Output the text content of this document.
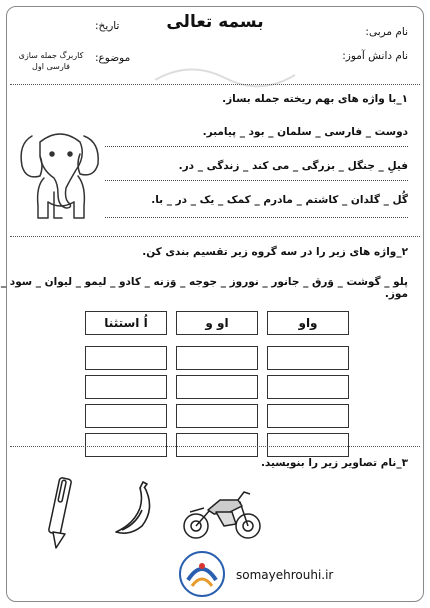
بسمه تعالی	نام مربی:
نام دانش آموز:
تاریخ:
موضوع:
کاربرگ جمله سازی
فارسی اول
۱_با واژه های بهم ریخته جمله بساز.
دوست _ فارسی _ سلمان _ بود _ پیامبر.
فیلِ _ جنگل _ بزرگی _ می کند _ زندگی _ در.
گُل _ گلدان _ کاشتم _ مادرم _ کمک _ یک _ در _ با.
۲_واژه های زیر را در سه گروه زیر تقسیم بندی کن.
پلو _ گوشت _ وَرق _ جانور _ نوروز _ جوجه _ وَزنه _ کادو _ لیمو _ لیوان _ سود _ موز.
واو
او و
اُ استثنا
۳_نام تصاویر زیر را بنویسید.
somayehrouhi.ir
